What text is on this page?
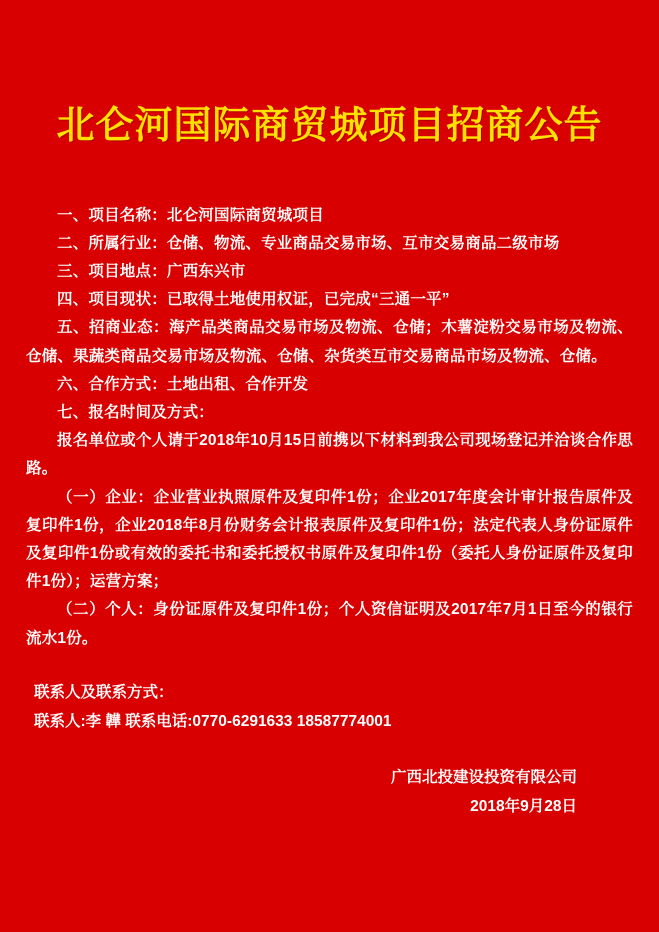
北仑河国际商贸城项目招商公告

一、项目名称：北仑河国际商贸城项目

二、所属行业：仓储、物流、专业商品交易市场、互市交易商品二级市场

三、项目地点：广西东兴市

四、项目现状：已取得土地使用权证，已完成“三通一平”

五、招商业态：海产品类商品交易市场及物流、仓储；木薯淀粉交易市场及物流、仓储、果蔬类商品交易市场及物流、仓储、杂货类互市交易商品市场及物流、仓储。

六、合作方式：土地出租、合作开发

七、报名时间及方式：

报名单位或个人请于2018年10月15日前携以下材料到我公司现场登记并洽谈合作思路。

（一）企业：企业营业执照原件及复印件1份；企业2017年度会计审计报告原件及复印件1份，企业2018年8月份财务会计报表原件及复印件1份；法定代表人身份证原件及复印件1份或有效的委托书和委托授权书原件及复印件1份（委托人身份证原件及复印件1份）；运营方案；

（二）个人：身份证原件及复印件1份；个人资信证明及2017年7月1日至今的银行流水1份。

联系人及联系方式：
联系人:李 韡 联系电话:0770-6291633 18587774001
广西北投建设投资有限公司
2018年9月28日
